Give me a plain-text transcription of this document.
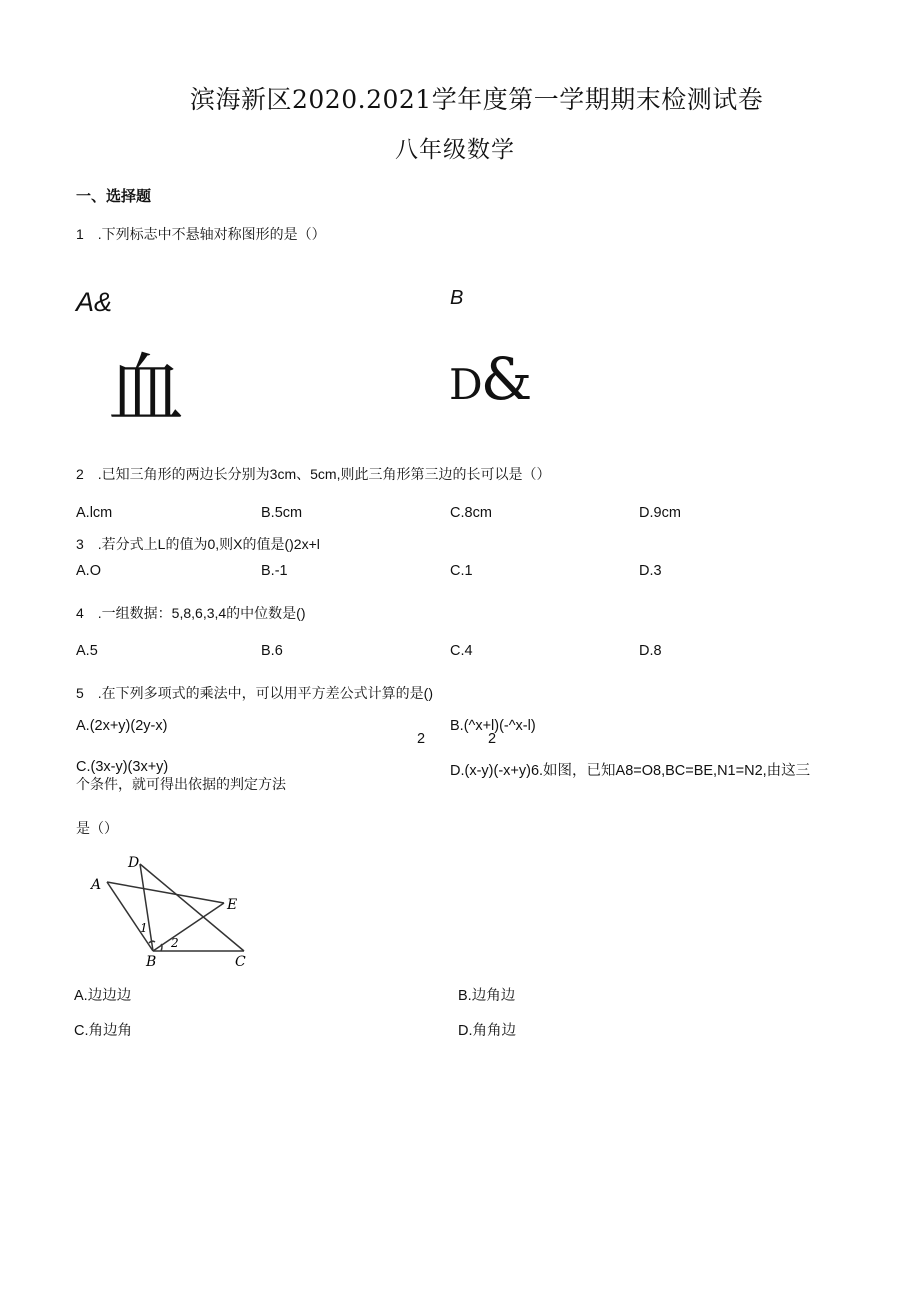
滨海新区2020.2021学年度第一学期期末检测试卷
八年级数学
一、选择题
1　.下列标志中不悬轴对称图形的是（）
A&	B
血	D&
2　.已知三角形的两边长分别为3cm、5cm,则此三角形第三边的长可以是（）
A.lcm	B.5cm	C.8cm	D.9cm
3　.若分式上L的值为0,则X的值是()2x+l
A.O	B.-1	C.1	D.3
4　.一组数据：5,8,6,3,4的中位数是()
A.5	B.6	C.4	D.8
5　.在下列多项式的乘法中，可以用平方差公式计算的是()
A.(2x+y)(2y-x)	B.(^x+l)(-^x-l)
2	2
C.(3x-y)(3x+y)	D.(x-y)(-x+y)6.如图，已知A8=O8,BC=BE,N1=N2,由这三
个条件，就可得出依据的判定方法
是（）
A
D
E
B	C
1
2
A.边边边	B.边角边
C.角边角	D.角角边
